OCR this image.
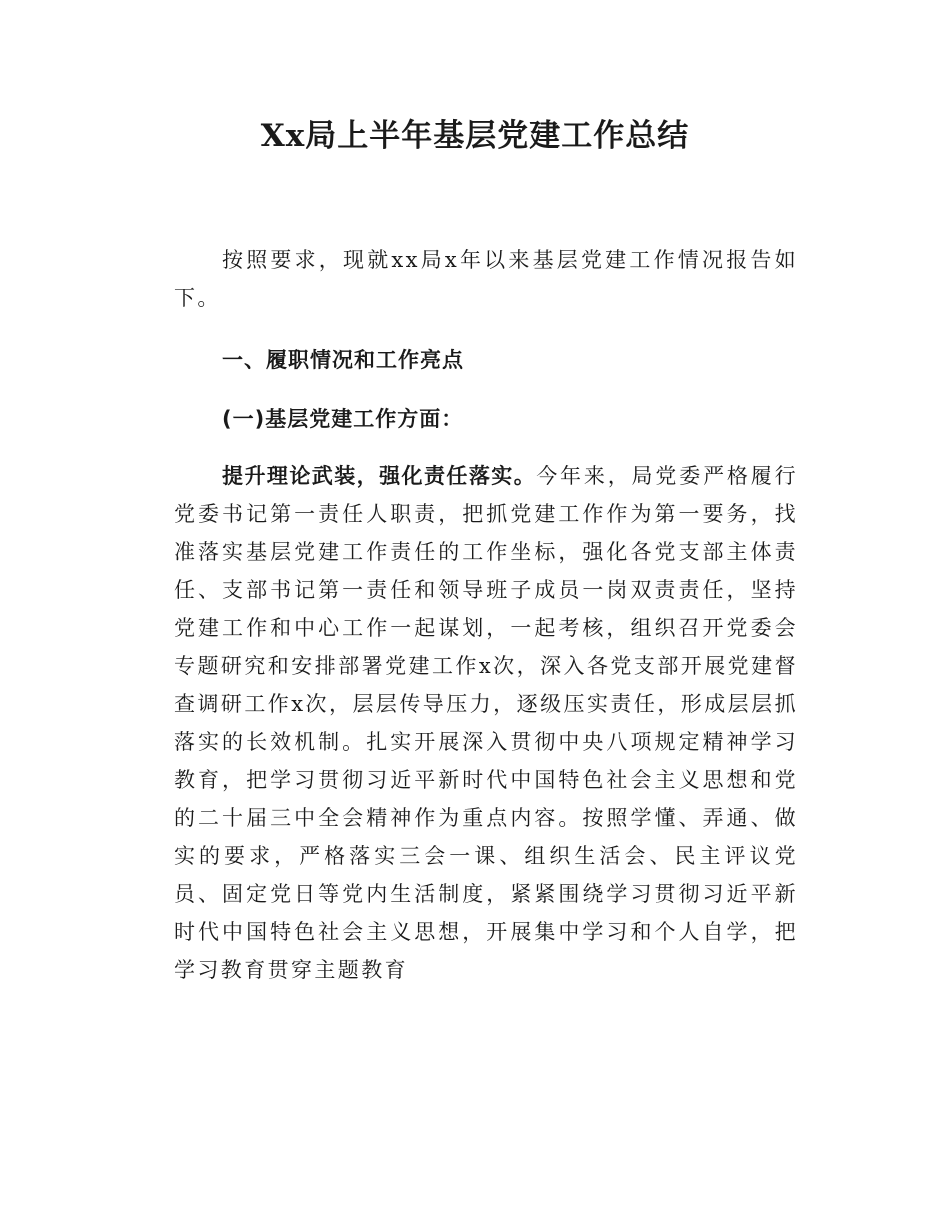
Xx局上半年基层党建工作总结

按照要求，现就xx局x年以来基层党建工作情况报告如下。

一、履职情况和工作亮点
(一)基层党建工作方面：

提升理论武装，强化责任落实。今年来，局党委严格履行党委书记第一责任人职责，把抓党建工作作为第一要务，找准落实基层党建工作责任的工作坐标，强化各党支部主体责任、支部书记第一责任和领导班子成员一岗双责责任，坚持党建工作和中心工作一起谋划，一起考核，组织召开党委会专题研究和安排部署党建工作x次，深入各党支部开展党建督查调研工作x次，层层传导压力，逐级压实责任，形成层层抓落实的长效机制。扎实开展深入贯彻中央八项规定精神学习教育，把学习贯彻习近平新时代中国特色社会主义思想和党的二十届三中全会精神作为重点内容。按照学懂、弄通、做实的要求，严格落实三会一课、组织生活会、民主评议党员、固定党日等党内生活制度，紧紧围绕学习贯彻习近平新时代中国特色社会主义思想，开展集中学习和个人自学，把学习教育贯穿主题教育
